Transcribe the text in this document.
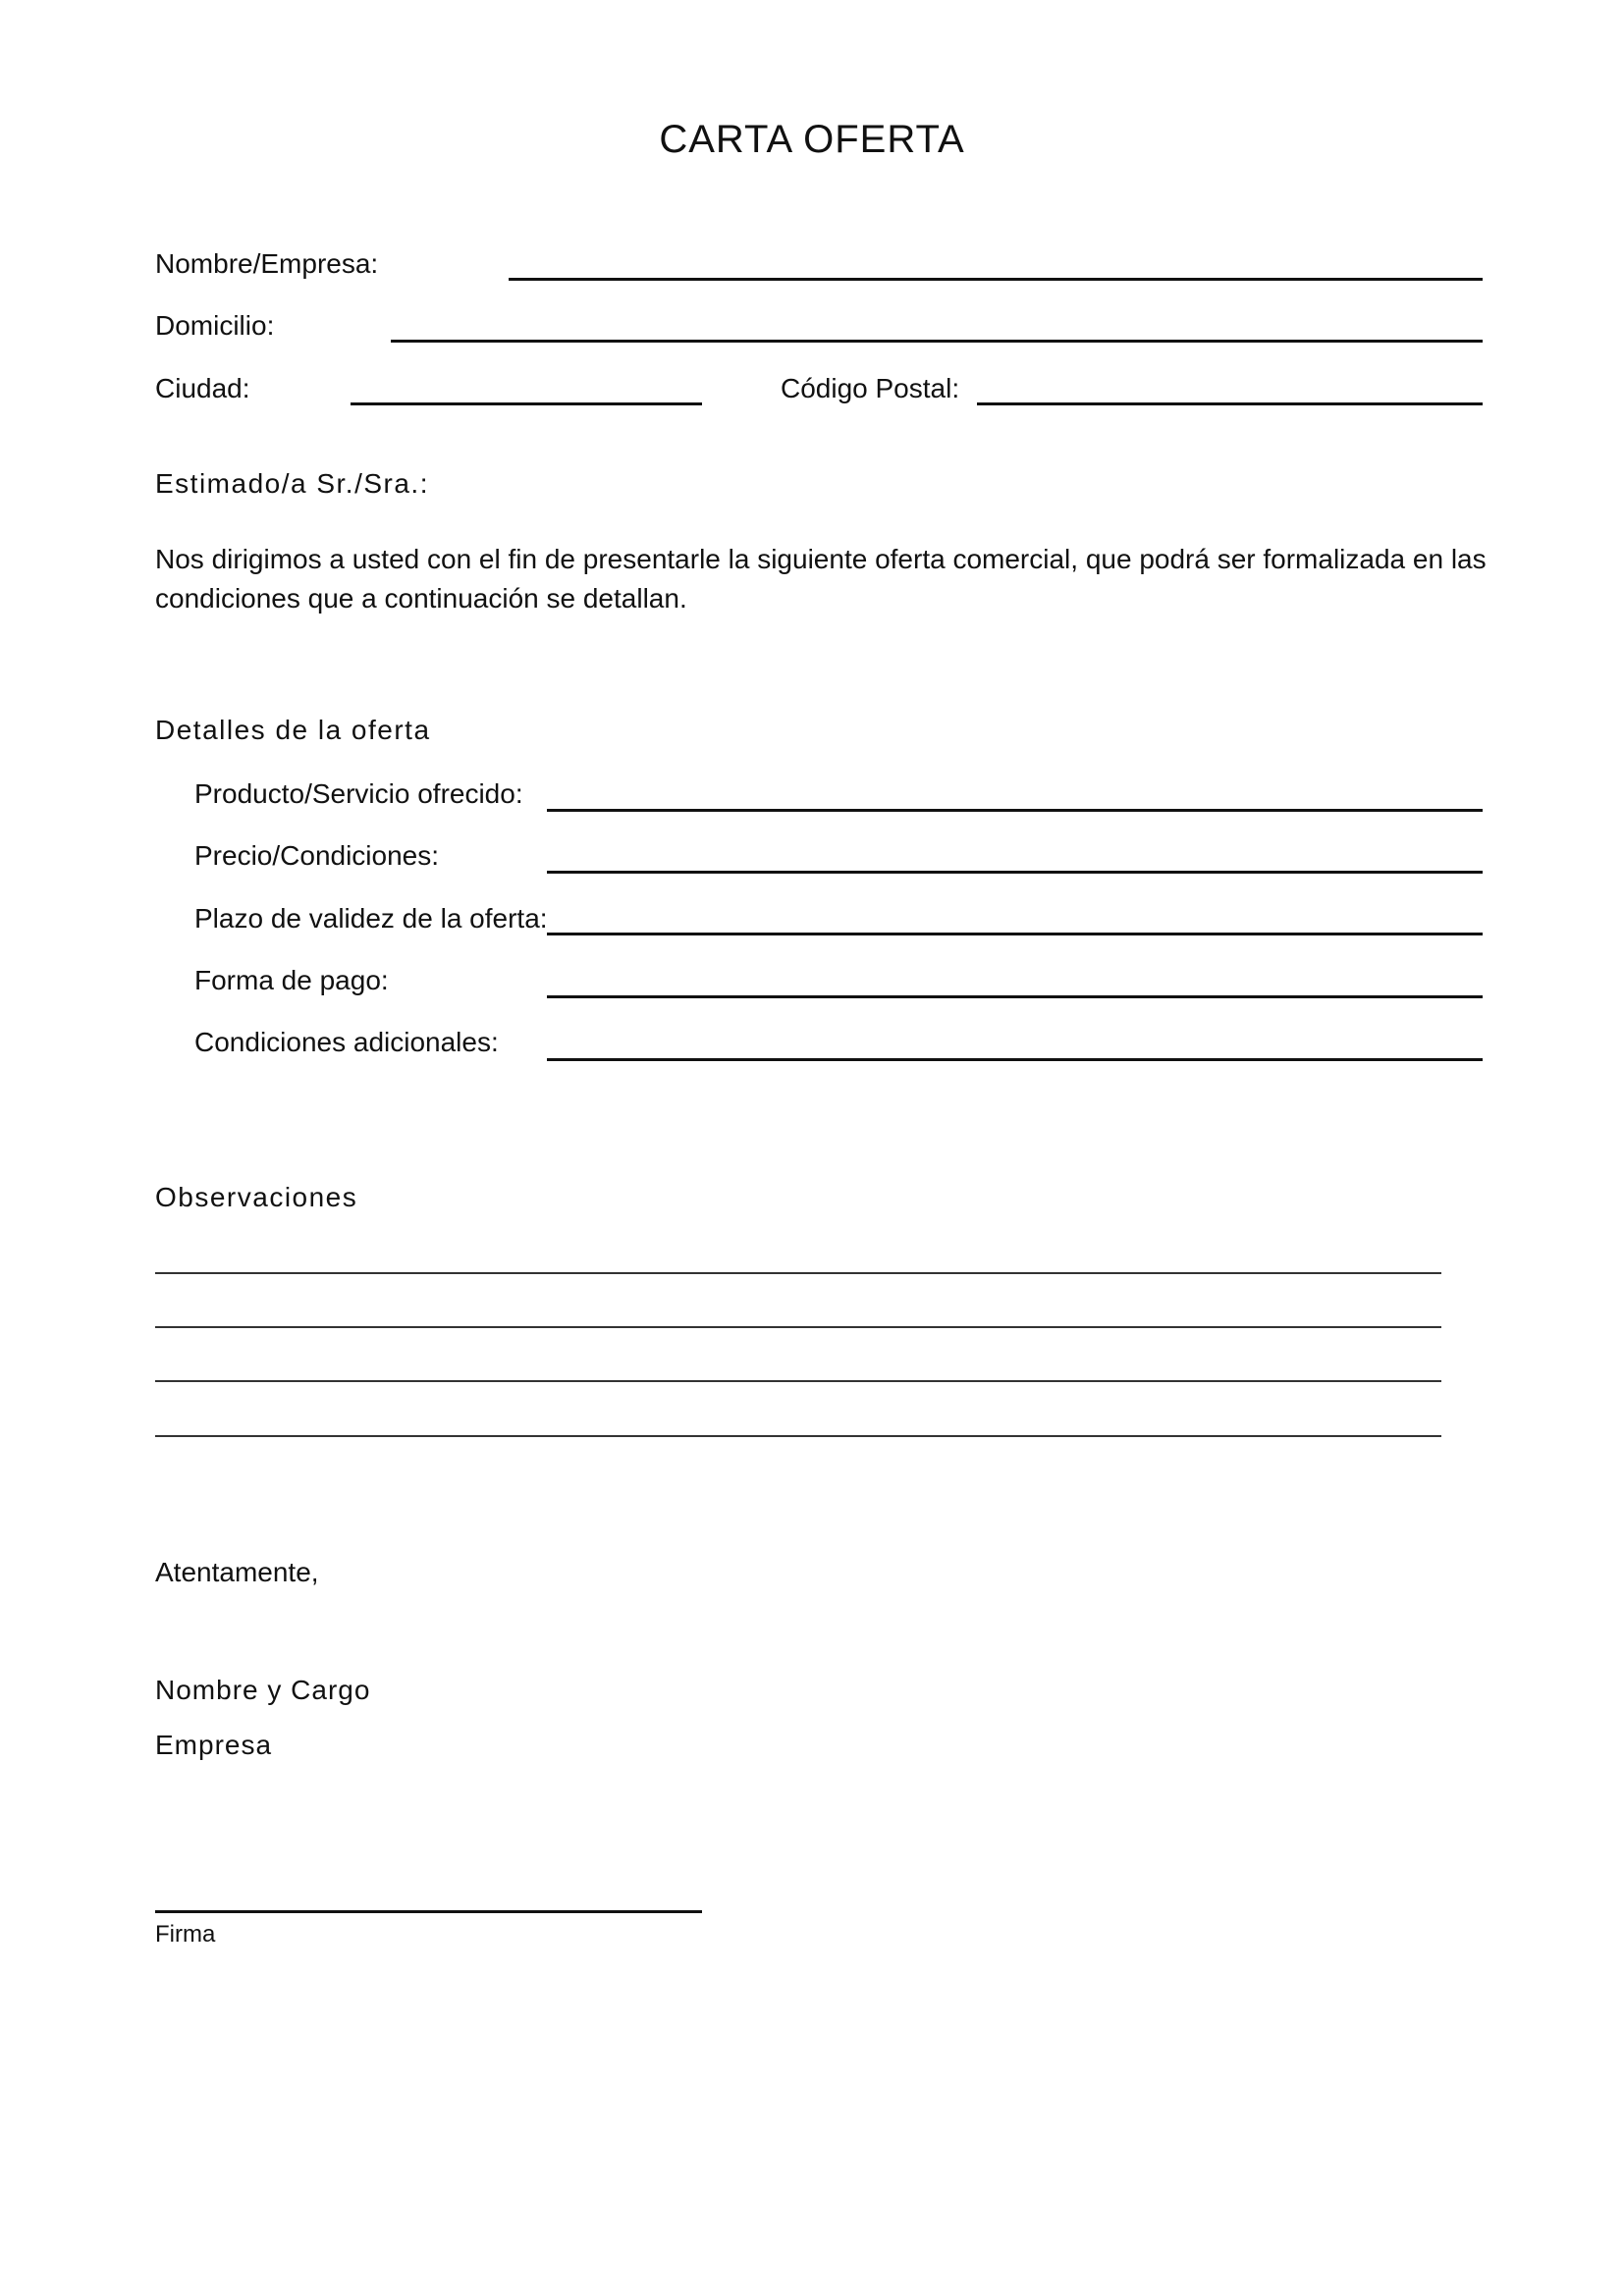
CARTA OFERTA
Nombre/Empresa:
Domicilio:
Ciudad:	Código Postal:
Estimado/a Sr./Sra.:
Nos dirigimos a usted con el fin de presentarle la siguiente oferta comercial, que podrá ser formalizada en las condiciones que a continuación se detallan.
Detalles de la oferta
Producto/Servicio ofrecido:
Precio/Condiciones:
Plazo de validez de la oferta:
Forma de pago:
Condiciones adicionales:
Observaciones
Atentamente,
Nombre y Cargo
Empresa
Firma
